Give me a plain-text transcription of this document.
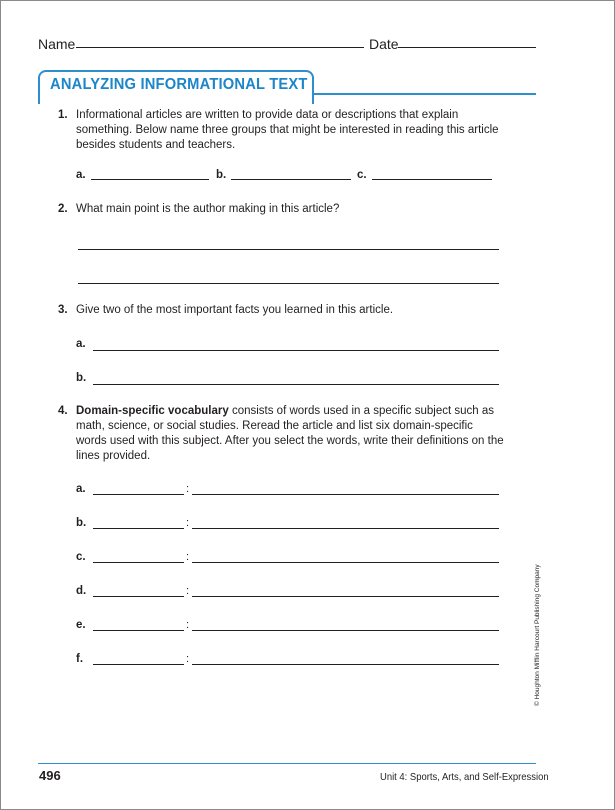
Name	Date
ANALYZING INFORMATIONAL TEXT
1. Informational articles are written to provide data or descriptions that explain something. Below name three groups that might be interested in reading this article besides students and teachers.
a.	b.	c.
2. What main point is the author making in this article?
3. Give two of the most important facts you learned in this article.
a.
b.
4. Domain-specific vocabulary consists of words used in a specific subject such as math, science, or social studies. Reread the article and list six domain-specific words used with this subject. After you select the words, write their definitions on the lines provided.
a.	:
b.	:
c.	:
d.	:
e.	:
f.	:	© Houghton Mifflin Harcourt Publishing Company
496	Unit 4: Sports, Arts, and Self-Expression
